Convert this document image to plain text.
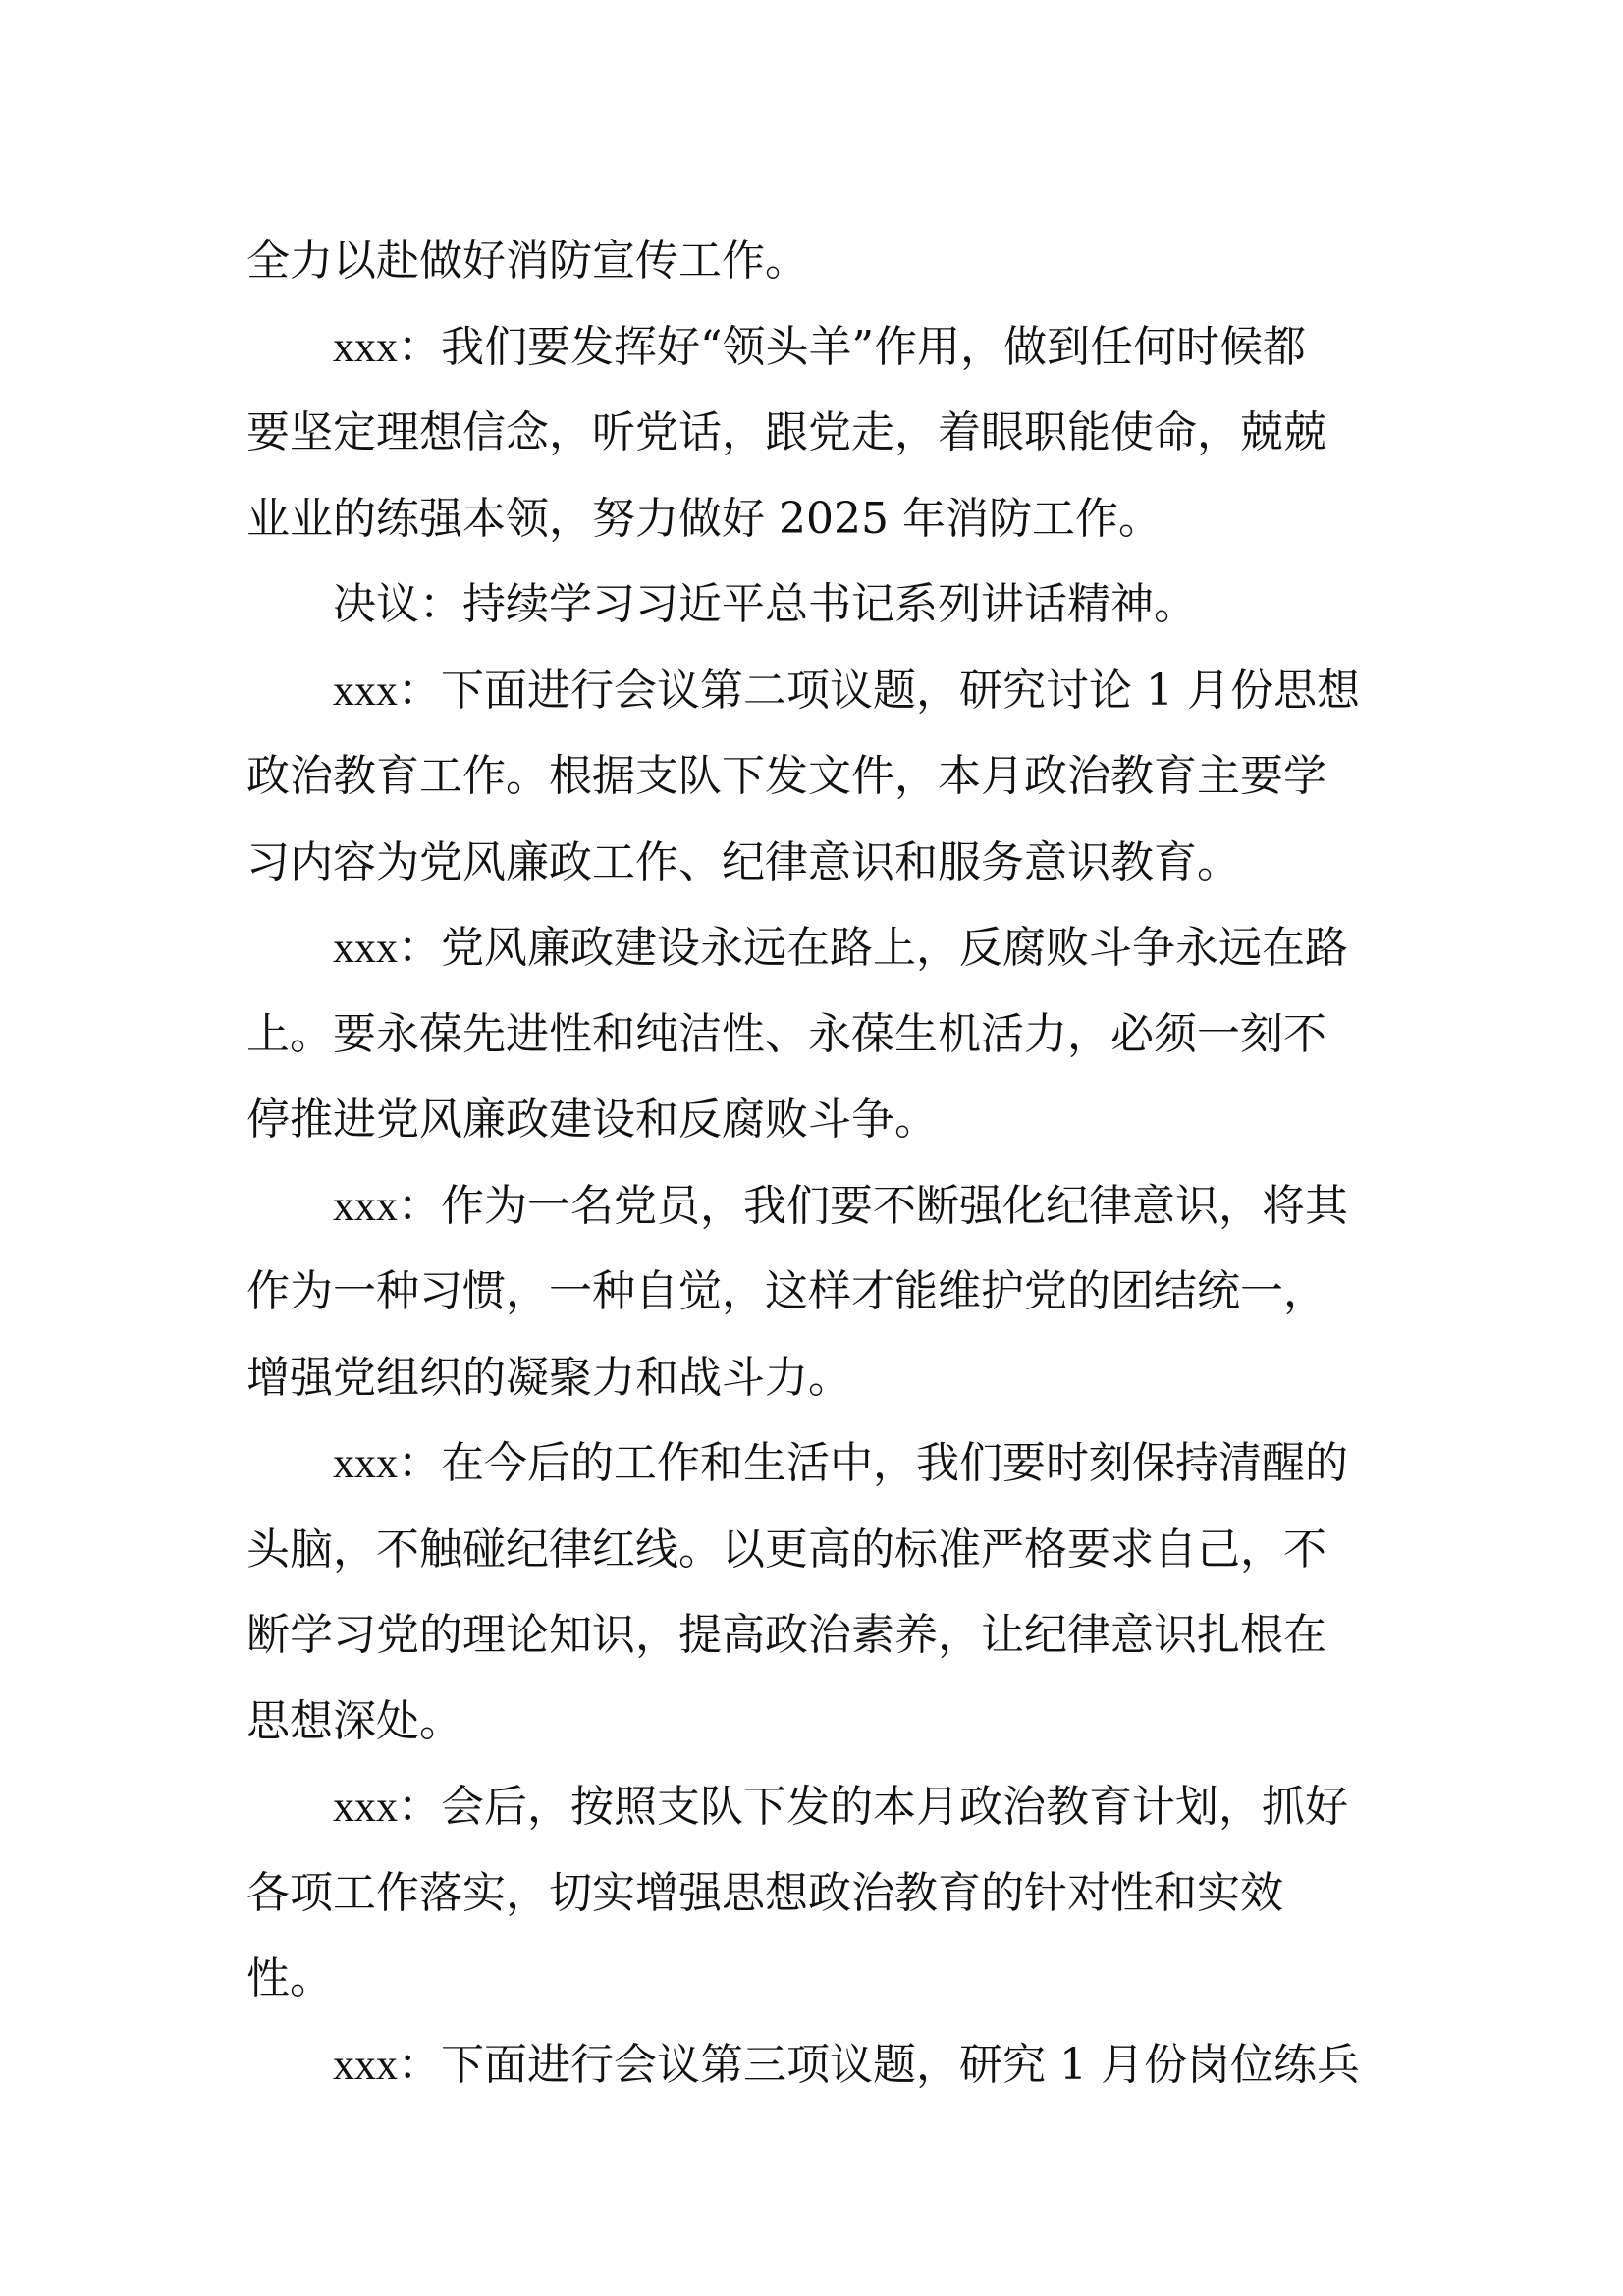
全力以赴做好消防宣传工作。

xxx：我们要发挥好“领头羊”作用，做到任何时候都
要坚定理想信念，听党话，跟党走，着眼职能使命，兢兢
业业的练强本领，努力做好 2025 年消防工作。

决议：持续学习习近平总书记系列讲话精神。

xxx：下面进行会议第二项议题，研究讨论 1 月份思想
政治教育工作。根据支队下发文件，本月政治教育主要学
习内容为党风廉政工作、纪律意识和服务意识教育。

xxx：党风廉政建设永远在路上，反腐败斗争永远在路
上。要永葆先进性和纯洁性、永葆生机活力，必须一刻不
停推进党风廉政建设和反腐败斗争。

xxx：作为一名党员，我们要不断强化纪律意识，将其
作为一种习惯，一种自觉，这样才能维护党的团结统一，
增强党组织的凝聚力和战斗力。

xxx：在今后的工作和生活中，我们要时刻保持清醒的
头脑，不触碰纪律红线。以更高的标准严格要求自己，不
断学习党的理论知识，提高政治素养，让纪律意识扎根在
思想深处。

xxx：会后，按照支队下发的本月政治教育计划，抓好
各项工作落实，切实增强思想政治教育的针对性和实效
性。

xxx：下面进行会议第三项议题，研究 1 月份岗位练兵
